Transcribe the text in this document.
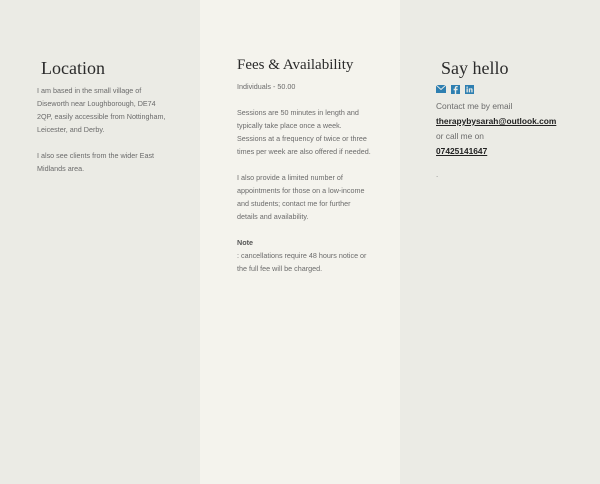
Location

I am based in the small village of Diseworth near Loughborough, DE74 2QP, easily accessible from Nottingham, Leicester, and Derby.

I also see clients from the wider East Midlands area.

Fees & Availability

Individuals - 50.00

Sessions are 50 minutes in length and typically take place once a week. Sessions at a frequency of twice or three times per week are also offered if needed.

I also provide a limited number of appointments for those on a low-income and students; contact me for further details and availability.

Note

: cancellations require 48 hours notice or the full fee will be charged.

Say hello

Contact me by email

therapybysarah@outlook.com

or call me on

07425141647

.
